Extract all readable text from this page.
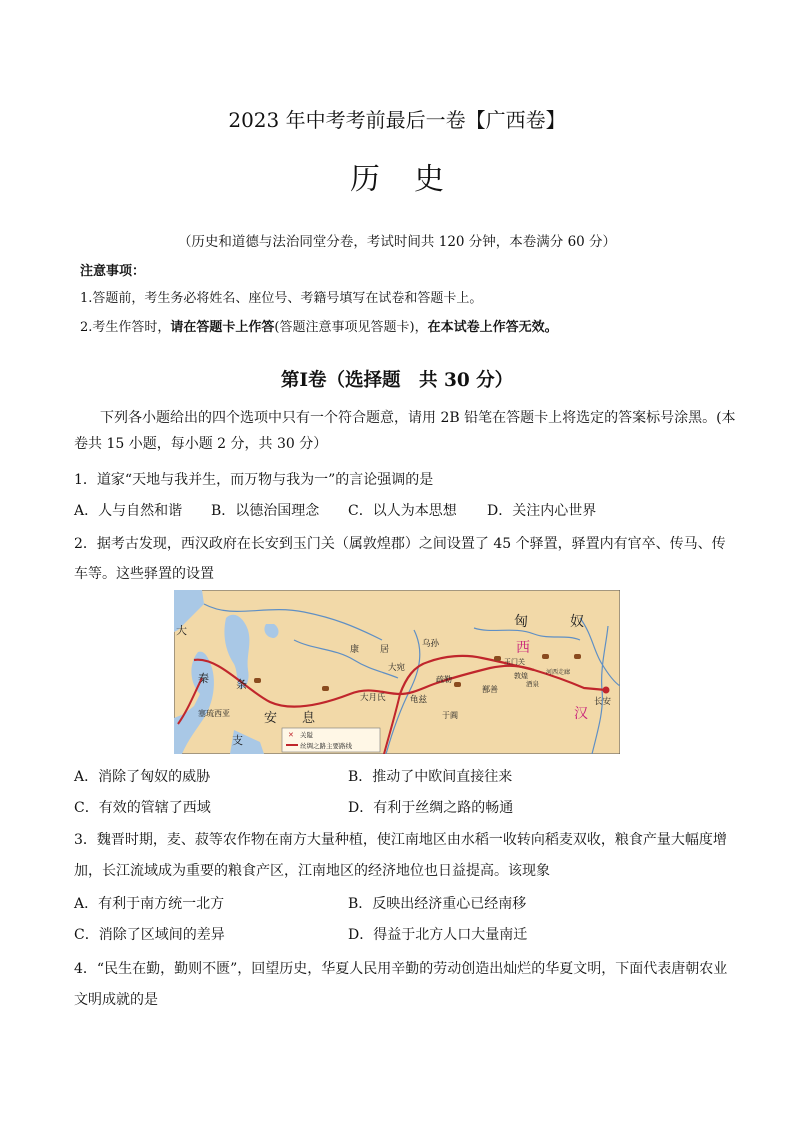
2023 年中考考前最后一卷【广西卷】
历史
（历史和道德与法治同堂分卷，考试时间共 120 分钟，本卷满分 60 分）
注意事项：
1.答题前，考生务必将姓名、座位号、考籍号填写在试卷和答题卡上。
2.考生作答时，请在答题卡上作答(答题注意事项见答题卡)，在本试卷上作答无效。
第Ⅰ卷（选择题　共 30 分）
下列各小题给出的四个选项中只有一个符合题意，请用 2B 铅笔在答题卡上将选定的答案标号涂黑。(本
卷共 15 小题，每小题 2 分，共 30 分）
1．道家“天地与我并生，而万物与我为一”的言论强调的是
A．人与自然和谐 B．以德治国理念 C．以人为本思想 D．关注内心世界
2．据考古发现，西汉政府在长安到玉门关（属敦煌郡）之间设置了 45 个驿置，驿置内有官卒、传马、传
车等。这些驿置的设置
匈	奴
西
汉
长安
玉门关
敦煌	河西走廊
酒泉
康 居
大宛
乌孙
大月氏	龟兹
疏勒
鄯善
于阗
条
支
安 息
塞琉西亚
大
秦
✕ 关隘
丝绸之路主要路线
A．消除了匈奴的威胁	B．推动了中欧间直接往来
C．有效的管辖了西域	D．有利于丝绸之路的畅通
3．魏晋时期，麦、菽等农作物在南方大量种植，使江南地区由水稻一收转向稻麦双收，粮食产量大幅度增
加，长江流域成为重要的粮食产区，江南地区的经济地位也日益提高。该现象
A．有利于南方统一北方	B．反映出经济重心已经南移
C．消除了区域间的差异	D．得益于北方人口大量南迁
4．“民生在勤，勤则不匮”，回望历史，华夏人民用辛勤的劳动创造出灿烂的华夏文明，下面代表唐朝农业
文明成就的是
